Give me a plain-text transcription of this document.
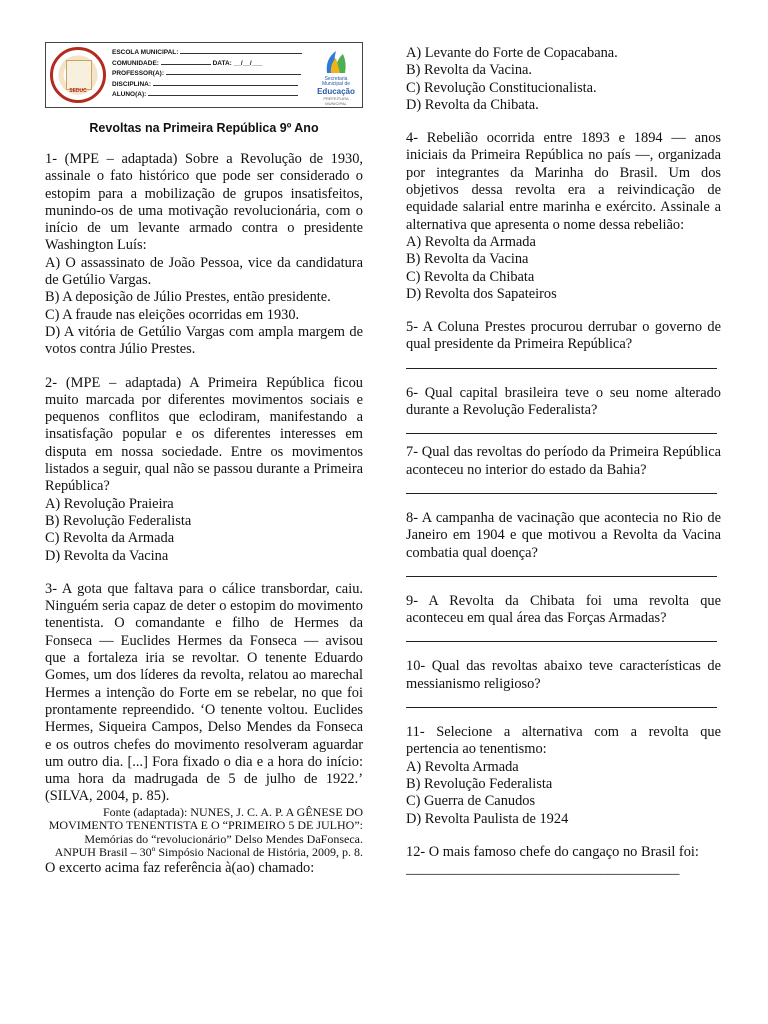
SEDUC
ESCOLA MUNICIPAL:
COMUNIDADE:	DATA: __/__/___
PROFESSOR(A):
DISCIPLINA:
ALUNO(A):
Secretaria Municipal de
Educação
PREFEITURA MUNICIPAL
Revoltas na Primeira República 9º Ano

1- (MPE – adaptada) Sobre a Revolução de 1930, assinale o fato histórico que pode ser considerado o estopim para a mobilização de grupos insatisfeitos, munindo-os de uma motivação revolucionária, com o início de um levante armado contra o presidente Washington Luís:

A) O assassinato de João Pessoa, vice da candidatura de Getúlio Vargas.

B) A deposição de Júlio Prestes, então presidente.

C) A fraude nas eleições ocorridas em 1930.

D) A vitória de Getúlio Vargas com ampla margem de votos contra Júlio Prestes.

2- (MPE – adaptada) A Primeira República ficou muito marcada por diferentes movimentos sociais e pequenos conflitos que eclodiram, manifestando a insatisfação popular e os diferentes interesses em disputa em nossa sociedade. Entre os movimentos listados a seguir, qual não se passou durante a Primeira República?

A) Revolução Praieira

B) Revolução Federalista

C) Revolta da Armada

D) Revolta da Vacina

3- A gota que faltava para o cálice transbordar, caiu. Ninguém seria capaz de deter o estopim do movimento tenentista. O comandante e filho de Hermes da Fonseca — Euclides Hermes da Fonseca — avisou que a fortaleza iria se revoltar. O tenente Eduardo Gomes, um dos líderes da revolta, relatou ao marechal Hermes a intenção do Forte em se rebelar, no que foi prontamente repreendido. ‘O tenente voltou. Euclides Hermes, Siqueira Campos, Delso Mendes da Fonseca e os outros chefes do movimento resolveram aguardar um outro dia. [...] Fora fixado o dia e a hora do início: uma hora da madrugada de 5 de julho de 1922.’ (SILVA, 2004, p. 85).

Fonte (adaptada): NUNES, J. C. A. P. A GÊNESE DO MOVIMENTO TENENTISTA E O “PRIMEIRO 5 DE JULHO”: Memórias do “revolucionário” Delso Mendes DaFonseca. ANPUH Brasil – 30º Simpósio Nacional de História, 2009, p. 8.

O excerto acima faz referência à(ao) chamado:

A) Levante do Forte de Copacabana.

B) Revolta da Vacina.

C) Revolução Constitucionalista.

D) Revolta da Chibata.

4- Rebelião ocorrida entre 1893 e 1894 — anos iniciais da Primeira República no país —, organizada por integrantes da Marinha do Brasil. Um dos objetivos dessa revolta era a reivindicação de equidade salarial entre marinha e exército. Assinale a alternativa que apresenta o nome dessa rebelião:

A) Revolta da Armada

B) Revolta da Vacina

C) Revolta da Chibata

D) Revolta dos Sapateiros

5- A Coluna Prestes procurou derrubar o governo de qual presidente da Primeira República?

6- Qual capital brasileira teve o seu nome alterado durante a Revolução Federalista?

7- Qual das revoltas do período da Primeira República aconteceu no interior do estado da Bahia?

8- A campanha de vacinação que acontecia no Rio de Janeiro em 1904 e que motivou a Revolta da Vacina combatia qual doença?

9- A Revolta da Chibata foi uma revolta que aconteceu em qual área das Forças Armadas?

10- Qual das revoltas abaixo teve características de messianismo religioso?

11- Selecione a alternativa com a revolta que pertencia ao tenentismo:

A) Revolta Armada

B) Revolução Federalista

C) Guerra de Canudos

D) Revolta Paulista de 1924

12- O mais famoso chefe do cangaço no Brasil foi:

______________________________________
